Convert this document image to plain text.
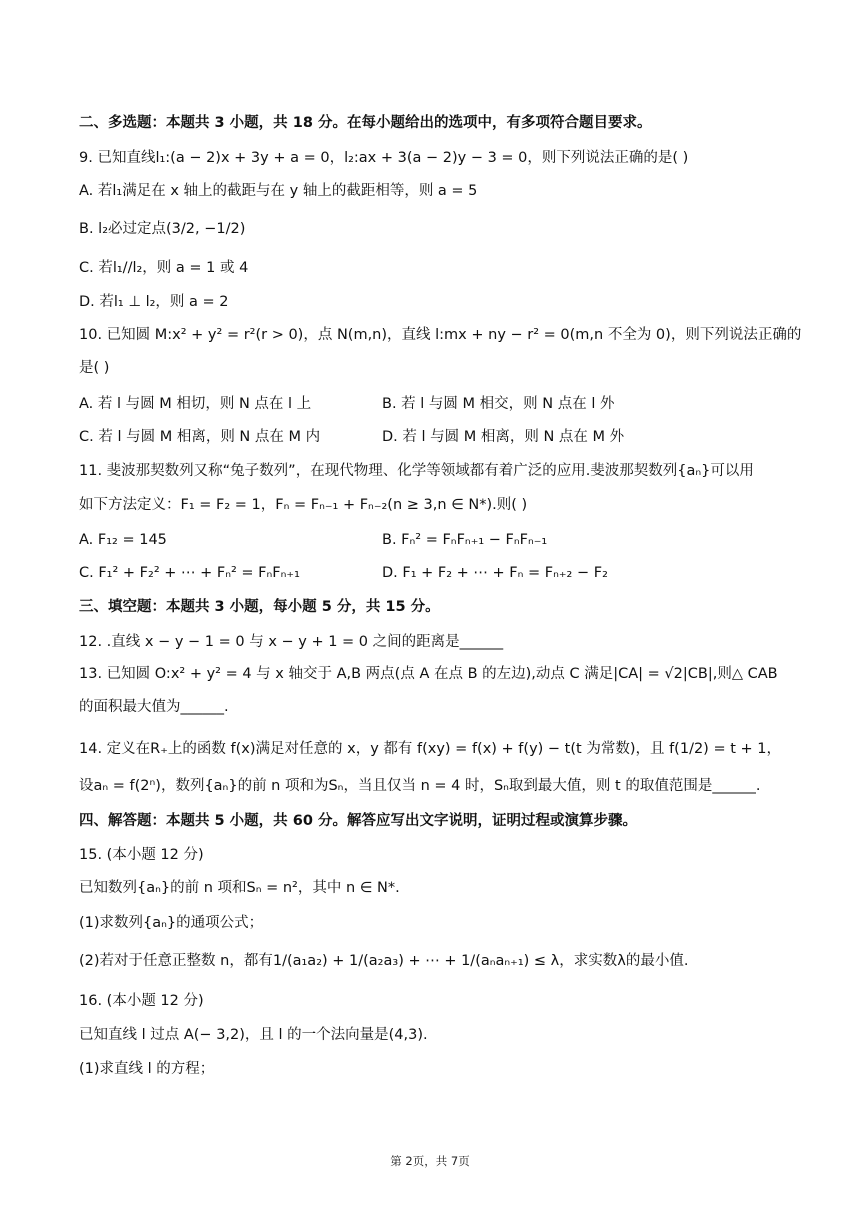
二、多选题：本题共 3 小题，共 18 分。在每小题给出的选项中，有多项符合题目要求。
9. 已知直线l₁:(a − 2)x + 3y + a = 0，l₂:ax + 3(a − 2)y − 3 = 0，则下列说法正确的是( )
A. 若l₁满足在 x 轴上的截距与在 y 轴上的截距相等，则 a = 5
B. l₂必过定点(3/2, −1/2)
C. 若l₁//l₂，则 a = 1 或 4
D. 若l₁ ⊥ l₂，则 a = 2
10. 已知圆 M:x² + y² = r²(r > 0)，点 N(m,n)，直线 l:mx + ny − r² = 0(m,n 不全为 0)，则下列说法正确的
是( )
A. 若 l 与圆 M 相切，则 N 点在 l 上	B. 若 l 与圆 M 相交，则 N 点在 l 外
C. 若 l 与圆 M 相离，则 N 点在 M 内	D. 若 l 与圆 M 相离，则 N 点在 M 外
11. 斐波那契数列又称“兔子数列”，在现代物理、化学等领域都有着广泛的应用.斐波那契数列{aₙ}可以用
如下方法定义：F₁ = F₂ = 1，Fₙ = Fₙ₋₁ + Fₙ₋₂(n ≥ 3,n ∈ N*).则( )
A. F₁₂ = 145	B. Fₙ² = FₙFₙ₊₁ − FₙFₙ₋₁
C. F₁² + F₂² + ⋯ + Fₙ² = FₙFₙ₊₁	D. F₁ + F₂ + ⋯ + Fₙ = Fₙ₊₂ − F₂
三、填空题：本题共 3 小题，每小题 5 分，共 15 分。
12. .直线 x − y − 1 = 0 与 x − y + 1 = 0 之间的距离是______
13. 已知圆 O:x² + y² = 4 与 x 轴交于 A,B 两点(点 A 在点 B 的左边),动点 C 满足|CA| = √2|CB|,则△ CAB
的面积最大值为______.
14. 定义在R₊上的函数 f(x)满足对任意的 x，y 都有 f(xy) = f(x) + f(y) − t(t 为常数)，且 f(1/2) = t + 1，
设aₙ = f(2ⁿ)，数列{aₙ}的前 n 项和为Sₙ，当且仅当 n = 4 时，Sₙ取到最大值，则 t 的取值范围是______.
四、解答题：本题共 5 小题，共 60 分。解答应写出文字说明，证明过程或演算步骤。
15. (本小题 12 分)
已知数列{aₙ}的前 n 项和Sₙ = n²，其中 n ∈ N*.
(1)求数列{aₙ}的通项公式；
(2)若对于任意正整数 n，都有1/(a₁a₂) + 1/(a₂a₃) + ⋯ + 1/(aₙaₙ₊₁) ≤ λ，求实数λ的最小值.
16. (本小题 12 分)
已知直线 l 过点 A(− 3,2)，且 l 的一个法向量是(4,3).
(1)求直线 l 的方程；
第 2页，共 7页
